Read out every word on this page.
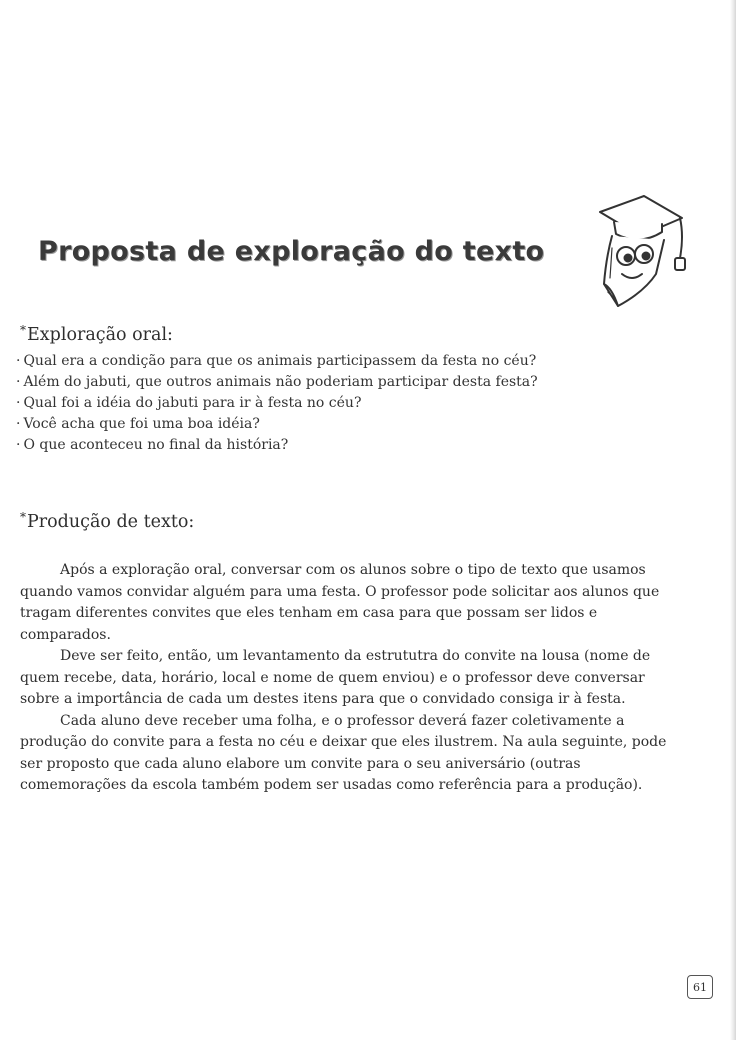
Proposta de exploração do texto
*Exploração oral:
· Qual era a condição para que os animais participassem da festa no céu?
· Além do jabuti, que outros animais não poderiam participar desta festa?
· Qual foi a idéia do jabuti para ir à festa no céu?
· Você acha que foi uma boa idéia?
· O que aconteceu no final da história?
*Produção de texto:

Após a exploração oral, conversar com os alunos sobre o tipo de texto que usamos quando vamos convidar alguém para uma festa. O professor pode solicitar aos alunos que tragam diferentes convites que eles tenham em casa para que possam ser lidos e comparados.

Deve ser feito, então, um levantamento da estrututra do convite na lousa (nome de quem recebe, data, horário, local e nome de quem enviou) e o professor deve conversar sobre a importância de cada um destes itens para que o convidado consiga ir à festa.

Cada aluno deve receber uma folha, e o professor deverá fazer coletivamente a produção do convite para a festa no céu e deixar que eles ilustrem. Na aula seguinte, pode ser proposto que cada aluno elabore um convite para o seu aniversário (outras comemorações da escola também podem ser usadas como referência para a produção).

61
